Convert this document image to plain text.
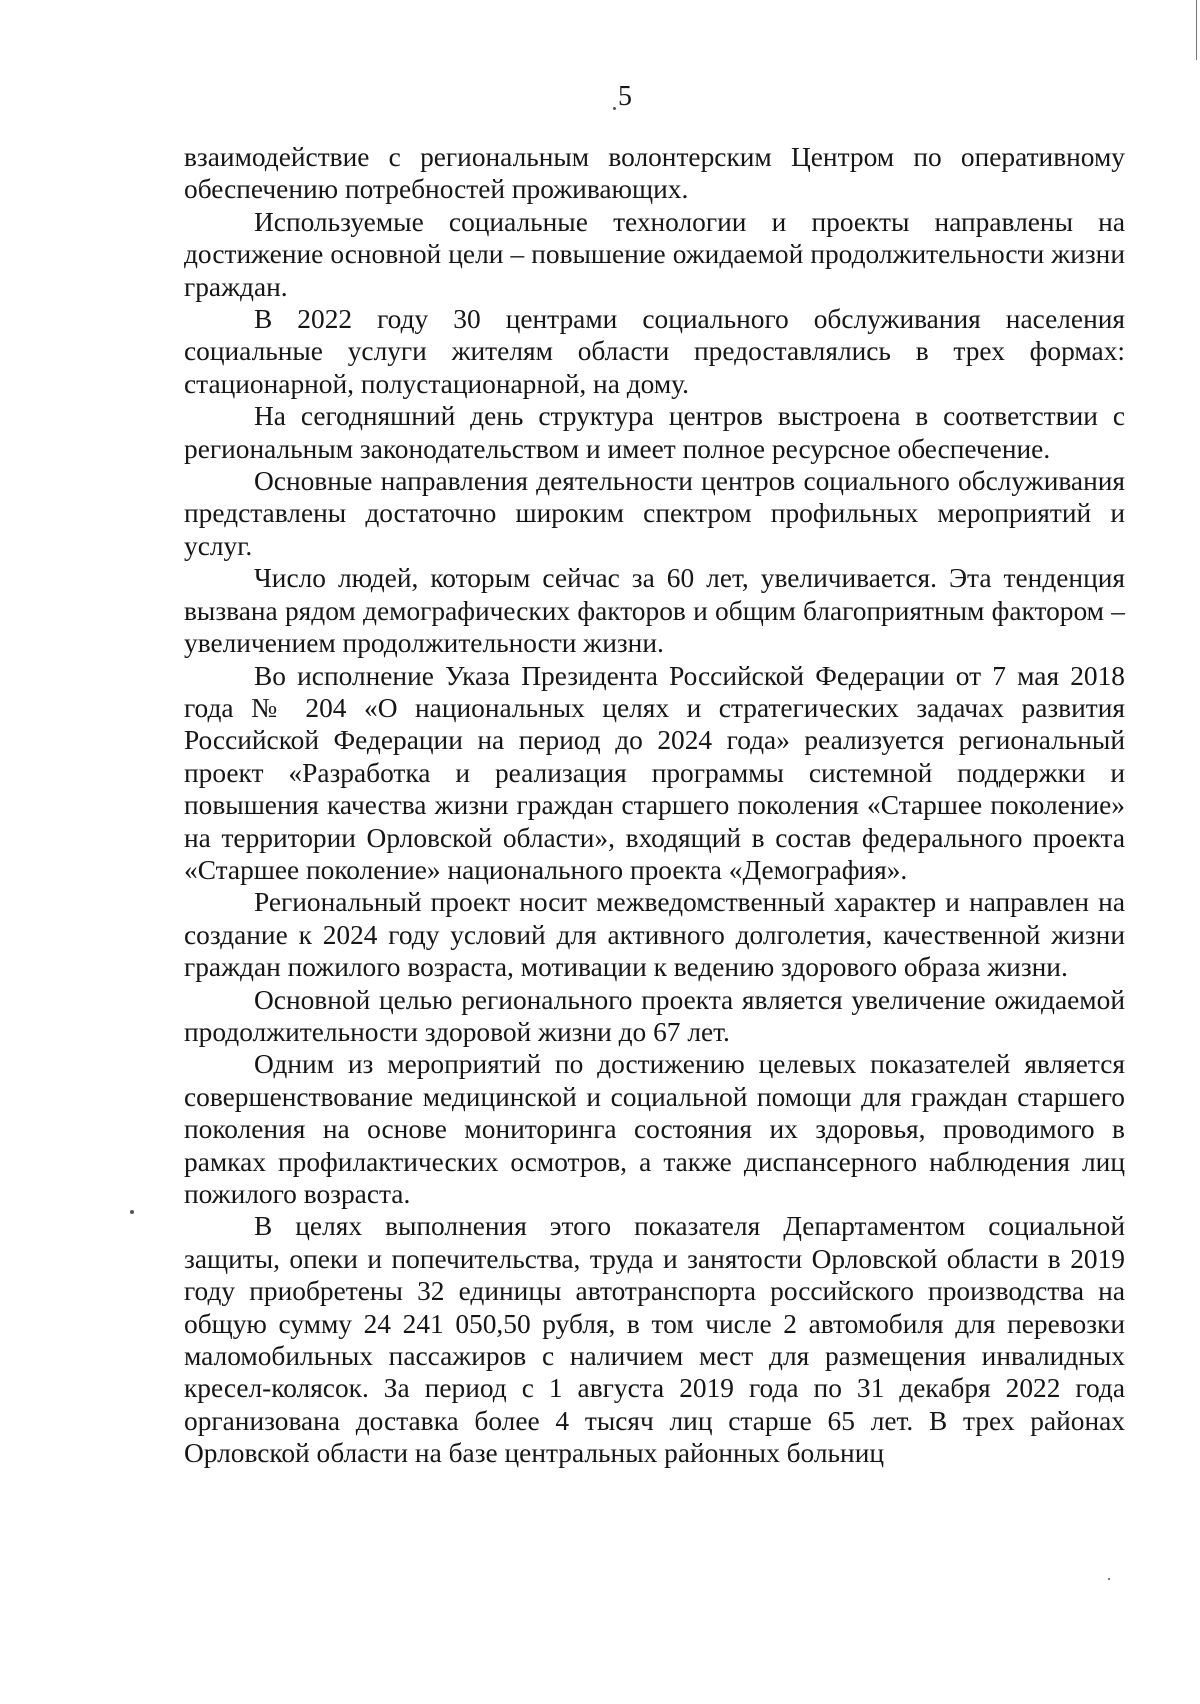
5

взаимодействие с региональным волонтерским Центром по оперативному обеспечению потребностей проживающих.

Используемые социальные технологии и проекты направлены на достижение основной цели – повышение ожидаемой продолжительности жизни граждан.

В 2022 году 30 центрами социального обслуживания населения социальные услуги жителям области предоставлялись в трех формах: стационарной, полустационарной, на дому.

На сегодняшний день структура центров выстроена в соответствии с региональным законодательством и имеет полное ресурсное обеспечение.

Основные направления деятельности центров социального обслуживания представлены достаточно широким спектром профильных мероприятий и услуг.

Число людей, которым сейчас за 60 лет, увеличивается. Эта тенденция вызвана рядом демографических факторов и общим благоприятным фактором – увеличением продолжительности жизни.

Во исполнение Указа Президента Российской Федерации от 7 мая 2018 года № 204 «О национальных целях и стратегических задачах развития Российской Федерации на период до 2024 года» реализуется региональный проект «Разработка и реализация программы системной поддержки и повышения качества жизни граждан старшего поколения «Старшее поколение» на территории Орловской области», входящий в состав федерального проекта «Старшее поколение» национального проекта «Демография».

Региональный проект носит межведомственный характер и направлен на создание к 2024 году условий для активного долголетия, качественной жизни граждан пожилого возраста, мотивации к ведению здорового образа жизни.

Основной целью регионального проекта является увеличение ожидаемой продолжительности здоровой жизни до 67 лет.

Одним из мероприятий по достижению целевых показателей является совершенствование медицинской и социальной помощи для граждан старшего поколения на основе мониторинга состояния их здоровья, проводимого в рамках профилактических осмотров, а также диспансерного наблюдения лиц пожилого возраста.

В целях выполнения этого показателя Департаментом социальной защиты, опеки и попечительства, труда и занятости Орловской области в 2019 году приобретены 32 единицы автотранспорта российского производства на общую сумму 24 241 050,50 рубля, в том числе 2 автомобиля для перевозки маломобильных пассажиров с наличием мест для размещения инвалидных кресел-колясок. За период с 1 августа 2019 года по 31 декабря 2022 года организована доставка более 4 тысяч лиц старше 65 лет. В трех районах Орловской области на базе центральных районных больниц
